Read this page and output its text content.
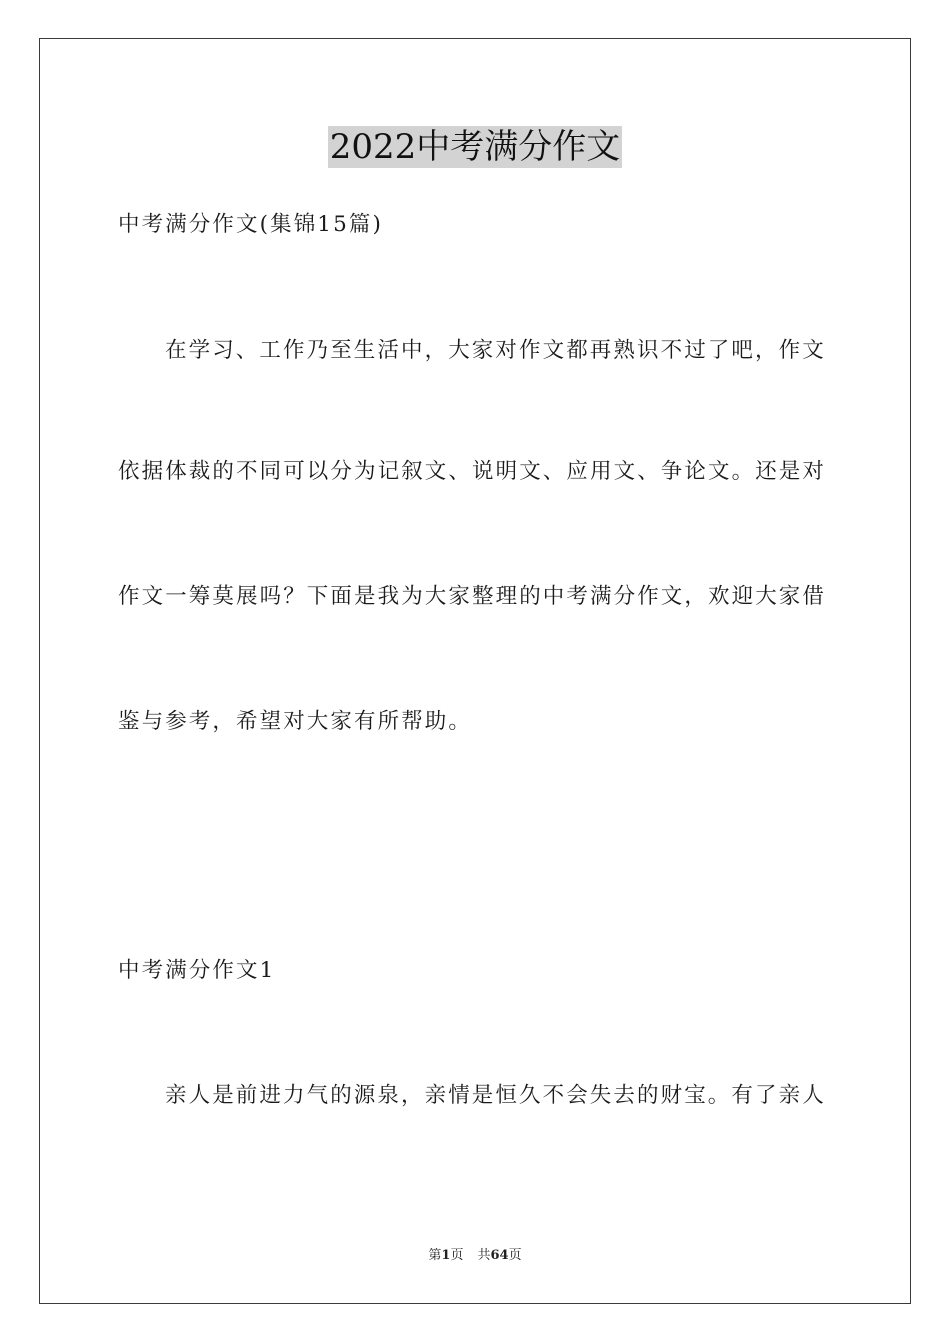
2022中考满分作文
中考满分作文(集锦15篇)
在学习、工作乃至生活中，大家对作文都再熟识不过了吧，作文
依据体裁的不同可以分为记叙文、说明文、应用文、争论文。还是对
作文一筹莫展吗？下面是我为大家整理的中考满分作文，欢迎大家借
鉴与参考，希望对大家有所帮助。
中考满分作文1
亲人是前进力气的源泉，亲情是恒久不会失去的财宝。有了亲人
第1页 共64页
